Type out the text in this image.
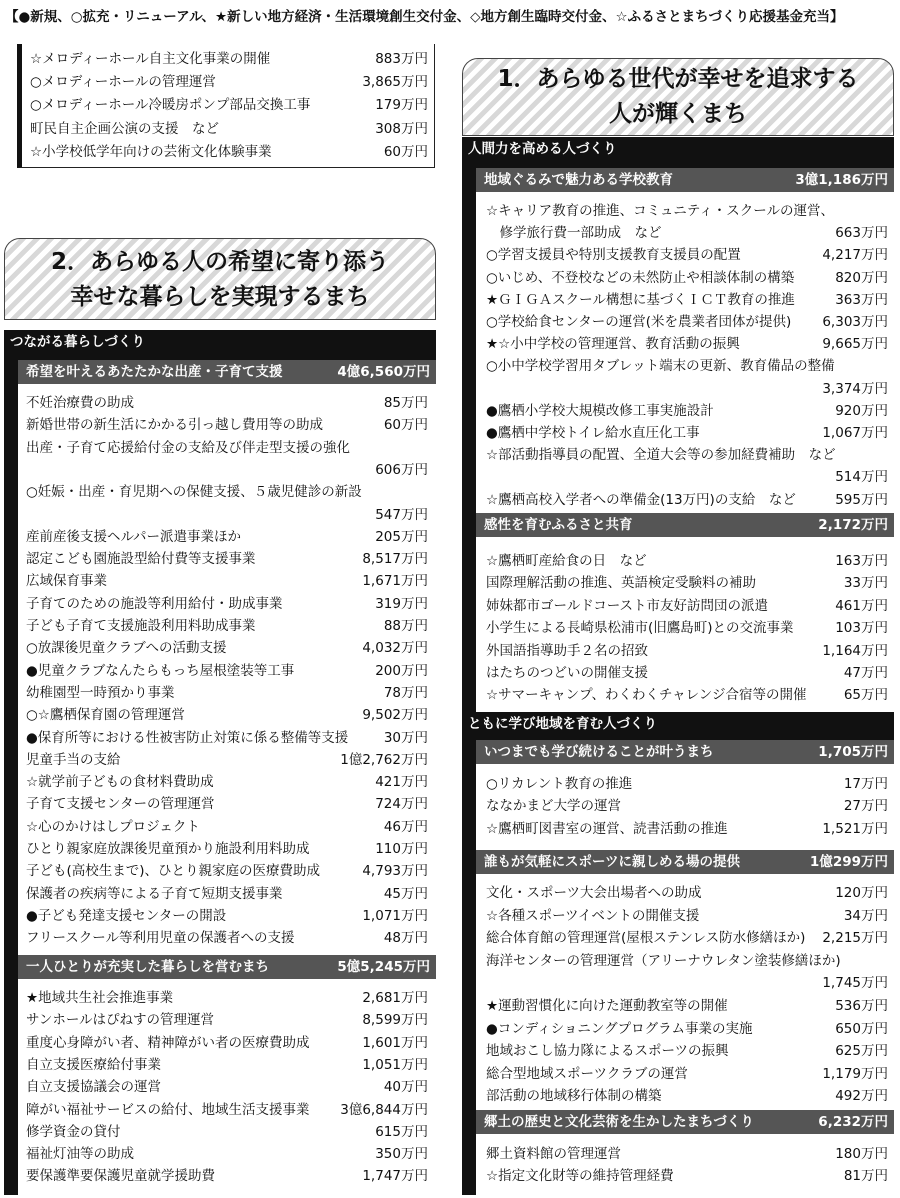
【●新規、○拡充・リニューアル、★新しい地方経済・生活環境創生交付金、◇地方創生臨時交付金、☆ふるさとまちづくり応援基金充当】
☆メロディーホール自主文化事業の開催	883万円
○メロディーホールの管理運営	3,865万円
○メロディーホール冷暖房ポンプ部品交換工事	179万円
町民自主企画公演の支援　など	308万円
☆小学校低学年向けの芸術文化体験事業	60万円
1．あらゆる世代が幸せを追求する
人が輝くまち
人間力を高める人づくり
地域ぐるみで魅力ある学校教育	3億1,186万円
☆キャリア教育の推進、コミュニティ・スクールの運営、
　修学旅行費一部助成　など	663万円
○学習支援員や特別支援教育支援員の配置	4,217万円
○いじめ、不登校などの未然防止や相談体制の構築	820万円
★ＧＩＧＡスクール構想に基づくＩＣＴ教育の推進	363万円
○学校給食センターの運営(米を農業者団体が提供) 6,303万円
★☆小中学校の管理運営、教育活動の振興	9,665万円
○小中学校学習用タブレット端末の更新、教育備品の整備
3,374万円
●鷹栖小学校大規模改修工事実施設計	920万円
●鷹栖中学校トイレ給水直圧化工事	1,067万円
☆部活動指導員の配置、全道大会等の参加経費補助　など
514万円
☆鷹栖高校入学者への準備金(13万円)の支給　など	595万円
感性を育むふるさと共育	2,172万円
☆鷹栖町産給食の日　など	163万円
国際理解活動の推進、英語検定受験料の補助	33万円
姉妹都市ゴールドコースト市友好訪問団の派遣	461万円
小学生による長崎県松浦市(旧鷹島町)との交流事業	103万円
外国語指導助手２名の招致	1,164万円
はたちのつどいの開催支援	47万円
☆サマーキャンプ、わくわくチャレンジ合宿等の開催	65万円
ともに学び地域を育む人づくり
いつまでも学び続けることが叶うまち	1,705万円
○リカレント教育の推進	17万円
ななかまど大学の運営	27万円
☆鷹栖町図書室の運営、読書活動の推進	1,521万円
誰もが気軽にスポーツに親しめる場の提供	1億299万円
文化・スポーツ大会出場者への助成	120万円
☆各種スポーツイベントの開催支援	34万円
総合体育館の管理運営(屋根ステンレス防水修繕ほか) 2,215万円
海洋センターの管理運営（アリーナウレタン塗装修繕ほか)
1,745万円
★運動習慣化に向けた運動教室等の開催	536万円
●コンディショニングプログラム事業の実施	650万円
地域おこし協力隊によるスポーツの振興	625万円
総合型地域スポーツクラブの運営	1,179万円
部活動の地域移行体制の構築	492万円
郷土の歴史と文化芸術を生かしたまちづくり	6,232万円
郷土資料館の管理運営	180万円
☆指定文化財等の維持管理経費	81万円
2．あらゆる人の希望に寄り添う
幸せな暮らしを実現するまち
つながる暮らしづくり
希望を叶えるあたたかな出産・子育て支援	4億6,560万円
不妊治療費の助成	85万円
新婚世帯の新生活にかかる引っ越し費用等の助成	60万円
出産・子育て応援給付金の支給及び伴走型支援の強化
606万円
○妊娠・出産・育児期への保健支援、５歳児健診の新設
547万円
産前産後支援ヘルパー派遣事業ほか	205万円
認定こども園施設型給付費等支援事業	8,517万円
広域保育事業	1,671万円
子育てのための施設等利用給付・助成事業	319万円
子ども子育て支援施設利用料助成事業	88万円
○放課後児童クラブへの活動支援	4,032万円
●児童クラブなんたらもっち屋根塗装等工事	200万円
幼稚園型一時預かり事業	78万円
○☆鷹栖保育園の管理運営	9,502万円
●保育所等における性被害防止対策に係る整備等支援	30万円
児童手当の支給	1億2,762万円
☆就学前子どもの食材料費助成	421万円
子育て支援センターの管理運営	724万円
☆心のかけはしプロジェクト	46万円
ひとり親家庭放課後児童預かり施設利用料助成	110万円
子ども(高校生まで)、ひとり親家庭の医療費助成	4,793万円
保護者の疾病等による子育て短期支援事業	45万円
●子ども発達支援センターの開設	1,071万円
フリースクール等利用児童の保護者への支援	48万円
一人ひとりが充実した暮らしを営むまち	5億5,245万円
★地域共生社会推進事業	2,681万円
サンホールはぴねすの管理運営	8,599万円
重度心身障がい者、精神障がい者の医療費助成	1,601万円
自立支援医療給付事業	1,051万円
自立支援協議会の運営	40万円
障がい福祉サービスの給付、地域生活支援事業 3億6,844万円
修学資金の貸付	615万円
福祉灯油等の助成	350万円
要保護準要保護児童就学援助費	1,747万円
